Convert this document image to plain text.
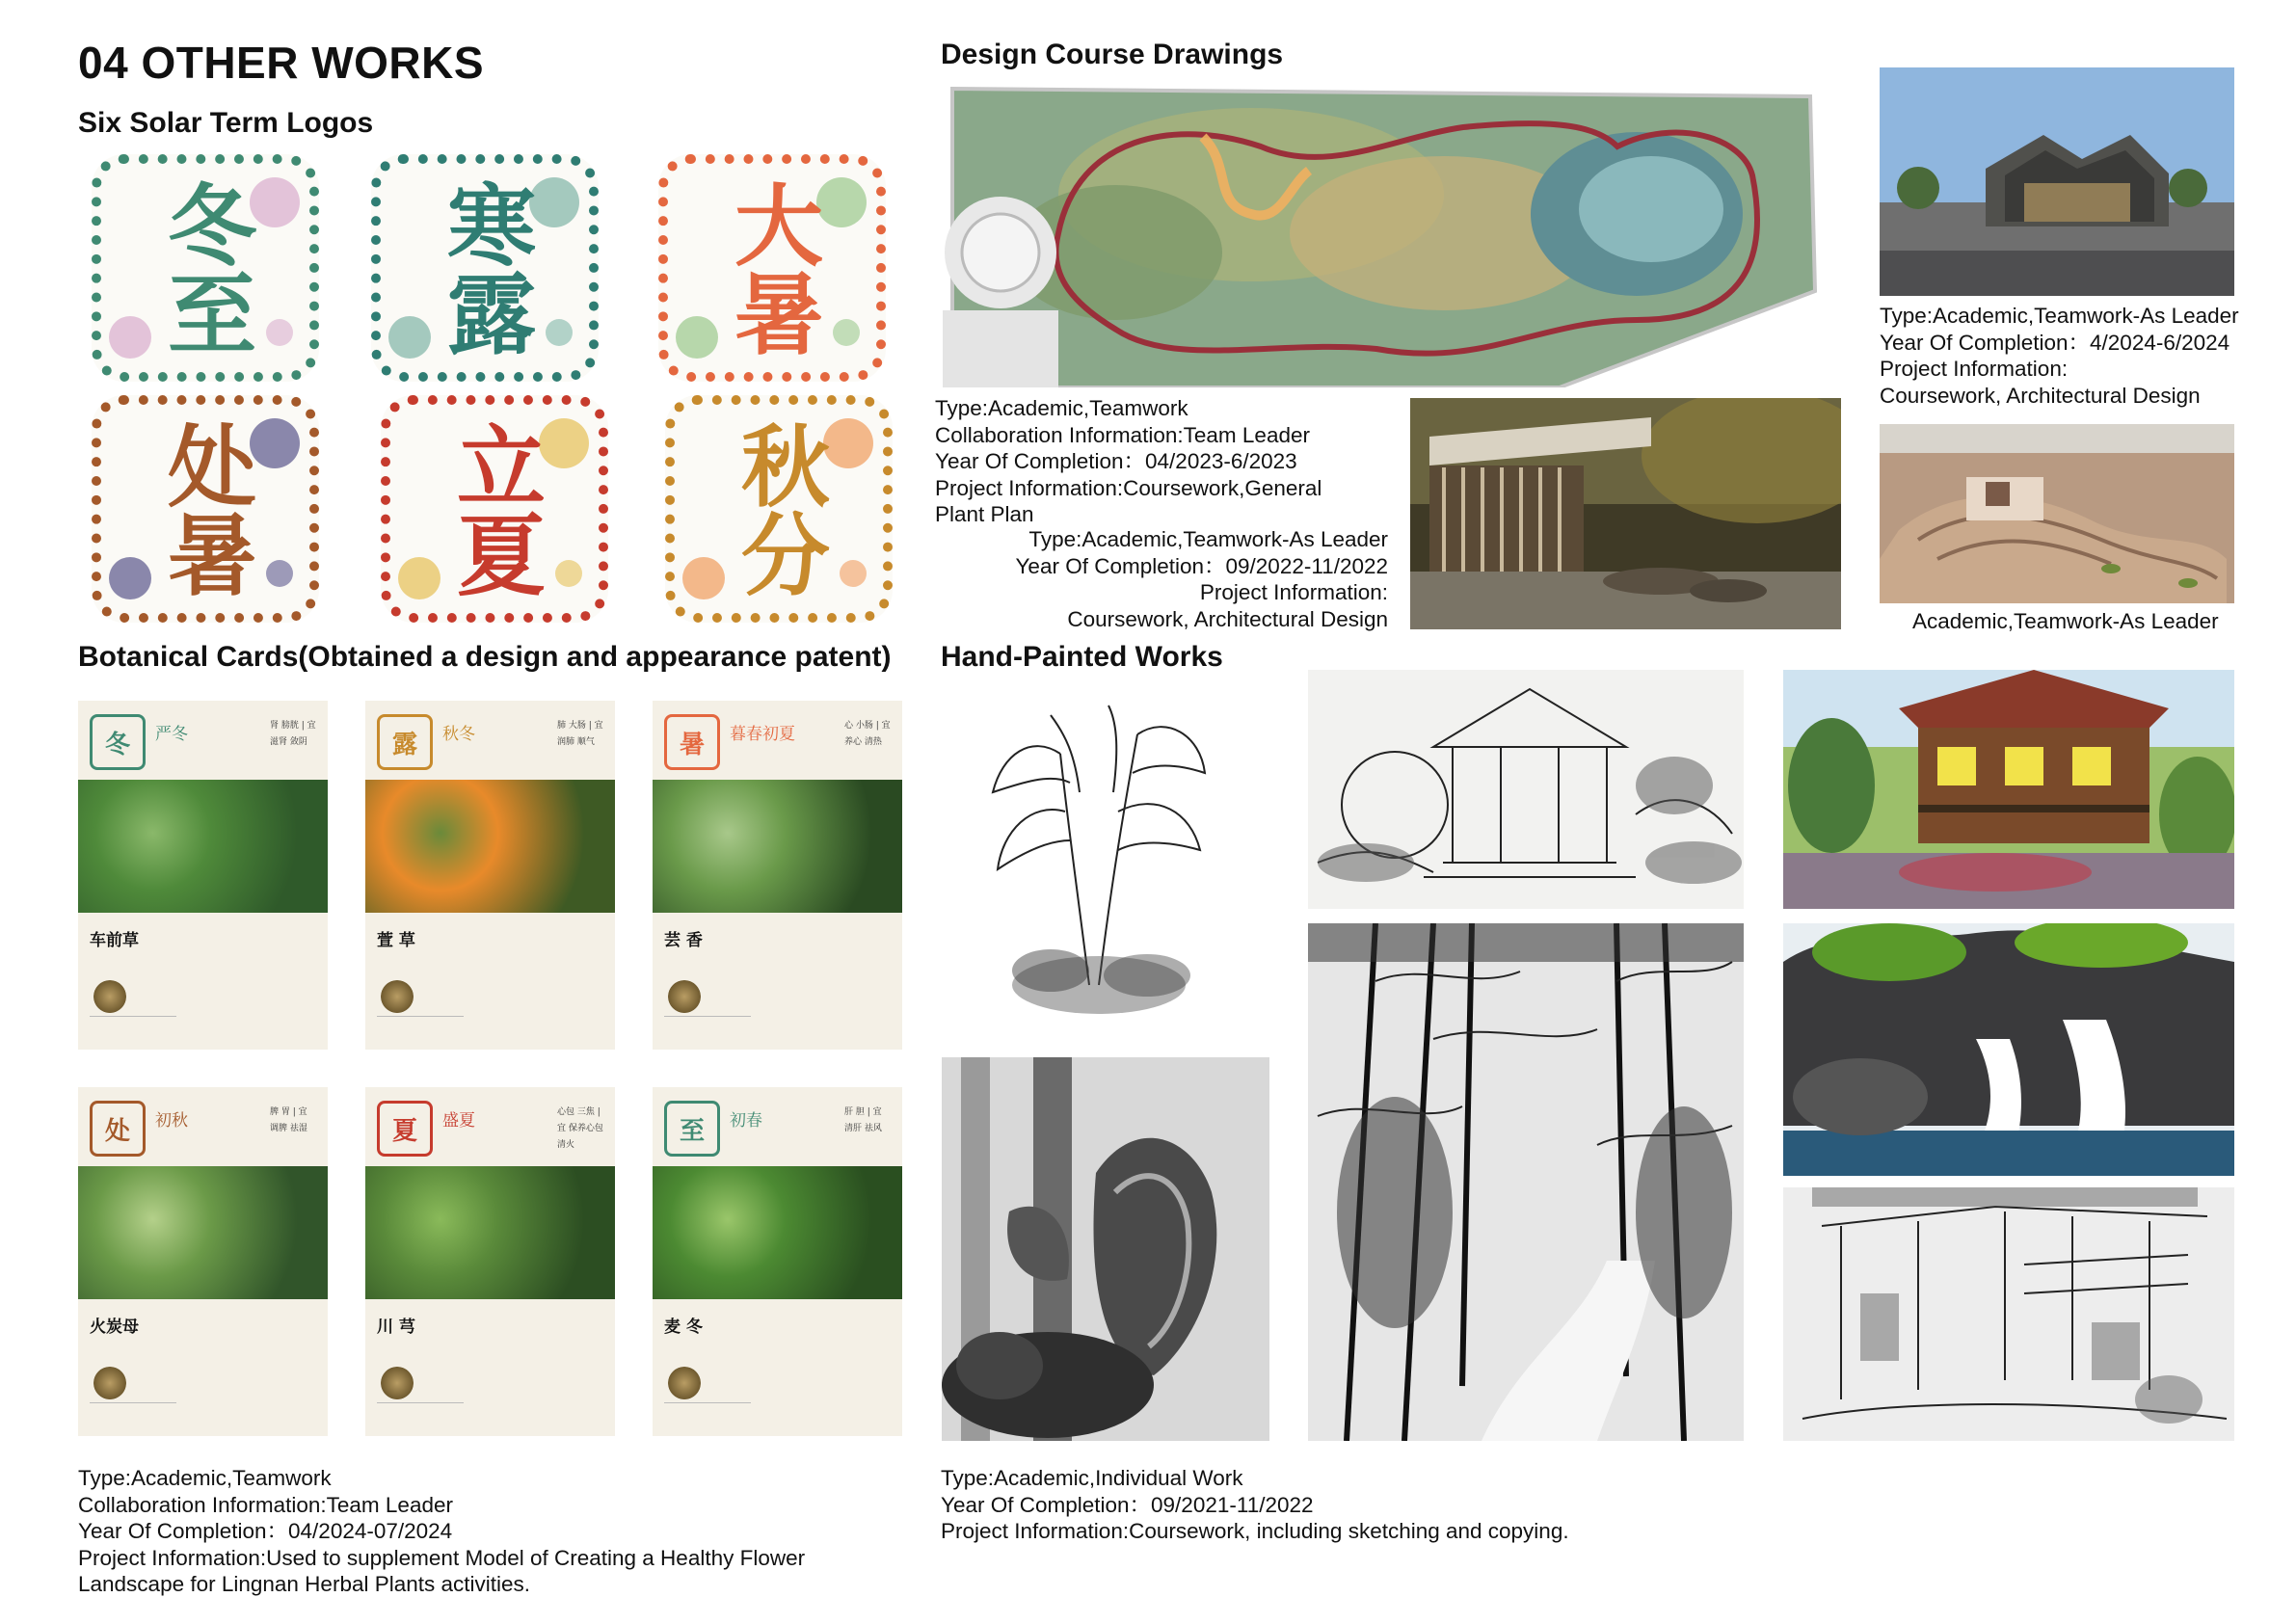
04 OTHER WORKS
Six Solar Term Logos
冬至	寒露	大暑
处暑	立夏	秋分
Botanical Cards(Obtained a design and appearance patent)
冬	严冬	肾 膀胱 | 宜 滋肾 敛阴
车前草
露	秋冬	肺 大肠 | 宜 润肺 顺气
萱 草
暑	暮春初夏	心 小肠 | 宜 养心 清热
芸 香
处	初秋	脾 胃 | 宜 调脾 祛湿
火炭母
夏	盛夏	心包 三焦 | 宜 保养心包 清火
川 芎
至	初春	肝 胆 | 宜 清肝 祛风
麦 冬

Type:Academic,Teamwork
Collaboration Information:Team Leader
Year Of Completion：04/2024-07/2024
Project Information:Used to supplement Model of Creating a Healthy Flower
Landscape for Lingnan Herbal Plants activities.

Design Course Drawings

Type:Academic,Teamwork
Collaboration Information:Team Leader
Year Of Completion：04/2023-6/2023
Project Information:Coursework,General
Plant Plan

Type:Academic,Teamwork-As Leader
Year Of Completion：09/2022-11/2022
Project Information:
Coursework, Architectural Design

Type:Academic,Teamwork-As Leader
Year Of Completion：4/2024-6/2024
Project Information:
Coursework, Architectural Design

Academic,Teamwork-As Leader

Hand-Painted Works

Type:Academic,Individual Work
Year Of Completion：09/2021-11/2022
Project Information:Coursework, including sketching and copying.
